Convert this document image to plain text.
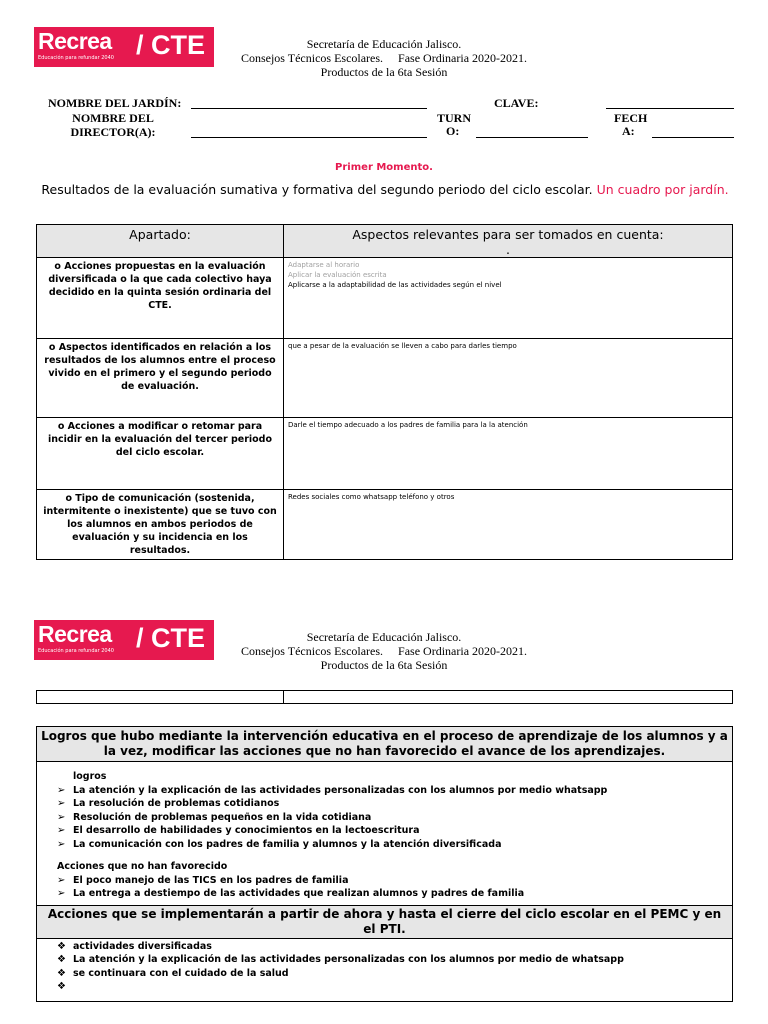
Recrea
Educación para refundar 2040 / CTE	Secretaría de Educación Jalisco.
Consejos Técnicos Escolares.     Fase Ordinaria 2020-2021.
Productos de la 6ta Sesión
NOMBRE DEL JARDÍN:	CLAVE:
NOMBRE DEL DIRECTOR(A):
TURN
O:
FECH
A:
Primer Momento.
Resultados de la evaluación sumativa y formativa del segundo periodo del ciclo escolar. Un cuadro por jardín.
Apartado:	Aspectos relevantes para ser tomados en cuenta:
.
o Acciones propuestas en la evaluación diversificada o la que cada colectivo haya decidido en la quinta sesión ordinaria del CTE.	Adaptarse al horario
Aplicar la evaluación escrita
Aplicarse a la adaptabilidad de las actividades según el nivel

o Aspectos identificados en relación a los resultados de los alumnos entre el proceso vivido en el primero y el segundo periodo de evaluación.	que a pesar de la evaluación se lleven a cabo para darles tiempo

o Acciones a modificar o retomar para incidir en la evaluación del tercer periodo del ciclo escolar.	Darle el tiempo adecuado a los padres de familia para la la atención

o Tipo de comunicación (sostenida, intermitente o inexistente) que se tuvo con los alumnos en ambos periodos de evaluación y su incidencia en los resultados.	Redes sociales como whatsapp teléfono y otros
Recrea
Educación para refundar 2040 / CTE	Secretaría de Educación Jalisco.
Consejos Técnicos Escolares.     Fase Ordinaria 2020-2021.
Productos de la 6ta Sesión
Logros que hubo mediante la intervención educativa en el proceso de aprendizaje de los alumnos y a la vez, modificar las acciones que no han favorecido el avance de los aprendizajes.
logros
➢ La atención y la explicación de las actividades personalizadas con los alumnos por medio whatsapp
➢ La resolución de problemas cotidianos
➢ Resolución de problemas pequeños en la vida cotidiana
➢ El desarrollo de habilidades y conocimientos en la lectoescritura
➢ La comunicación con los padres de familia y alumnos y la atención diversificada
Acciones que no han favorecido
➢ El poco manejo de las TICS en los padres de familia
➢ La entrega a destiempo de las actividades que realizan alumnos y padres de familia
Acciones que se implementarán a partir de ahora y hasta el cierre del ciclo escolar en el PEMC y en el PTI.
❖ actividades diversificadas
❖ La atención y la explicación de las actividades personalizadas con los alumnos por medio de whatsapp
❖ se continuara con el cuidado de la salud
❖
